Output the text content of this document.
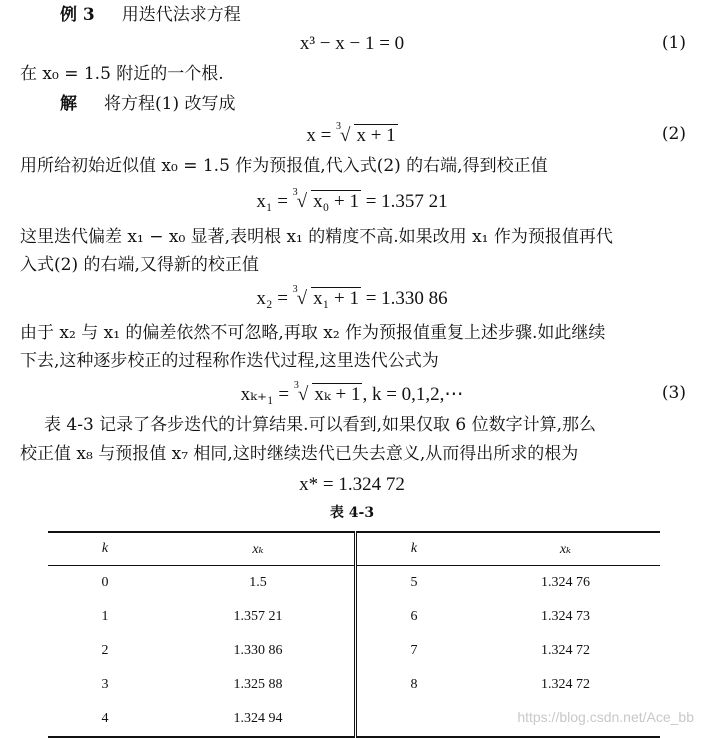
例 3 用迭代法求方程
x³ − x − 1 = 0	(1)
在 x₀ = 1.5 附近的一个根.
解 将方程(1) 改写成
x = 3 √ x + 1	(2)
用所给初始近似值 x₀ = 1.5 作为预报值,代入式(2) 的右端,得到校正值
x₁ = 3 √ x₀ + 1 = 1.357 21
这里迭代偏差 x₁ − x₀ 显著,表明根 x₁ 的精度不高.如果改用 x₁ 作为预报值再代
入式(2) 的右端,又得新的校正值
x₂ = 3 √ x₁ + 1 = 1.330 86
由于 x₂ 与 x₁ 的偏差依然不可忽略,再取 x₂ 作为预报值重复上述步骤.如此继续
下去,这种逐步校正的过程称作迭代过程,这里迭代公式为
xₖ₊₁ = 3 √ xₖ + 1 , k = 0,1,2,⋯	(3)
表 4-3 记录了各步迭代的计算结果.可以看到,如果仅取 6 位数字计算,那么
校正值 x₈ 与预报值 x₇ 相同,这时继续迭代已失去意义,从而得出所求的根为
x* = 1.324 72
表 4-3
k	xₖ	k	xₖ
0	1.5	5	1.324 76
1	1.357 21	6	1.324 73
2	1.330 86	7	1.324 72
3	1.325 88	8	1.324 72
4	1.324 94			https://blog.csdn.net/Ace_bb
